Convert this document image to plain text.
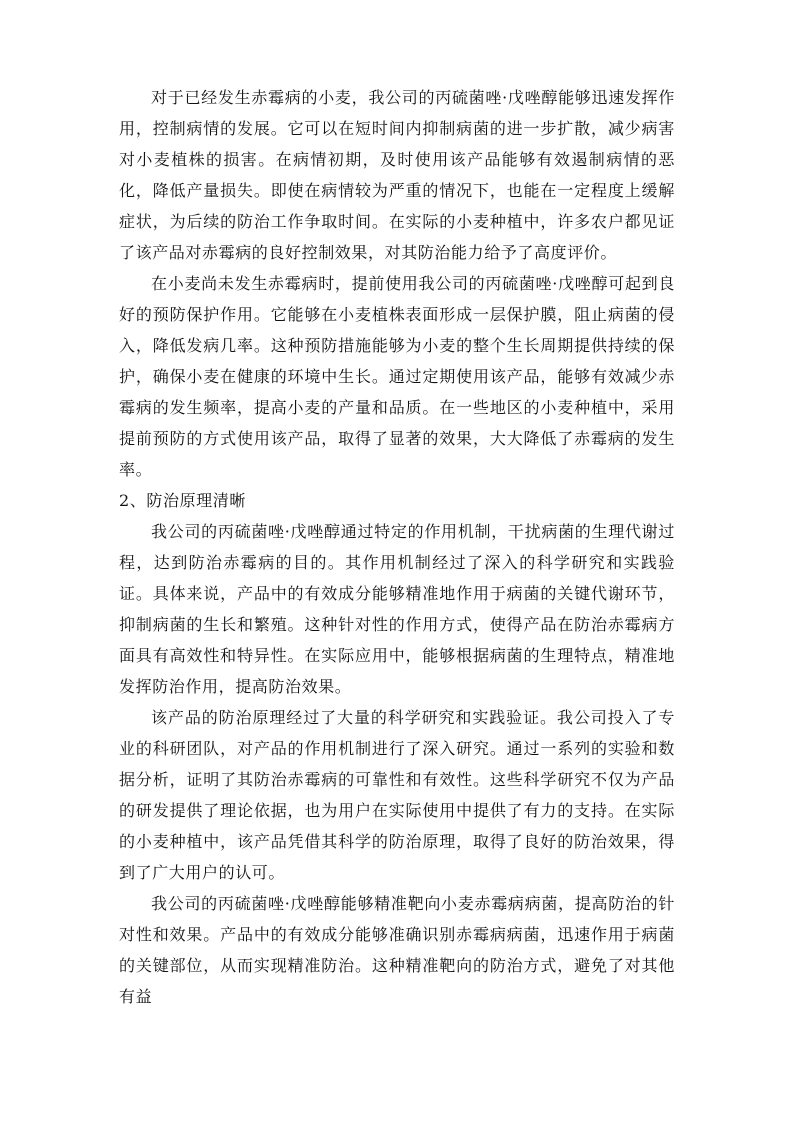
对于已经发生赤霉病的小麦，我公司的丙硫菌唑·戊唑醇能够迅速发挥作用，控制病情的发展。它可以在短时间内抑制病菌的进一步扩散，减少病害对小麦植株的损害。在病情初期，及时使用该产品能够有效遏制病情的恶化，降低产量损失。即使在病情较为严重的情况下，也能在一定程度上缓解症状，为后续的防治工作争取时间。在实际的小麦种植中，许多农户都见证了该产品对赤霉病的良好控制效果，对其防治能力给予了高度评价。

在小麦尚未发生赤霉病时，提前使用我公司的丙硫菌唑·戊唑醇可起到良好的预防保护作用。它能够在小麦植株表面形成一层保护膜，阻止病菌的侵入，降低发病几率。这种预防措施能够为小麦的整个生长周期提供持续的保护，确保小麦在健康的环境中生长。通过定期使用该产品，能够有效减少赤霉病的发生频率，提高小麦的产量和品质。在一些地区的小麦种植中，采用提前预防的方式使用该产品，取得了显著的效果，大大降低了赤霉病的发生率。

2、防治原理清晰

我公司的丙硫菌唑·戊唑醇通过特定的作用机制，干扰病菌的生理代谢过程，达到防治赤霉病的目的。其作用机制经过了深入的科学研究和实践验证。具体来说，产品中的有效成分能够精准地作用于病菌的关键代谢环节，抑制病菌的生长和繁殖。这种针对性的作用方式，使得产品在防治赤霉病方面具有高效性和特异性。在实际应用中，能够根据病菌的生理特点，精准地发挥防治作用，提高防治效果。

该产品的防治原理经过了大量的科学研究和实践验证。我公司投入了专业的科研团队，对产品的作用机制进行了深入研究。通过一系列的实验和数据分析，证明了其防治赤霉病的可靠性和有效性。这些科学研究不仅为产品的研发提供了理论依据，也为用户在实际使用中提供了有力的支持。在实际的小麦种植中，该产品凭借其科学的防治原理，取得了良好的防治效果，得到了广大用户的认可。

我公司的丙硫菌唑·戊唑醇能够精准靶向小麦赤霉病病菌，提高防治的针对性和效果。产品中的有效成分能够准确识别赤霉病病菌，迅速作用于病菌的关键部位，从而实现精准防治。这种精准靶向的防治方式，避免了对其他有益
